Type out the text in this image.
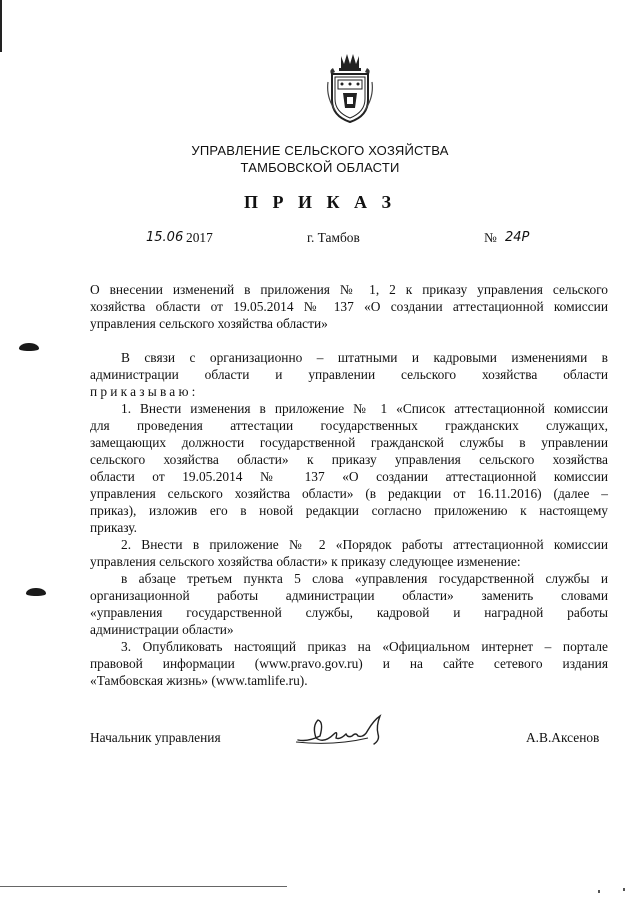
УПРАВЛЕНИЕ СЕЛЬСКОГО ХОЗЯЙСТВА
ТАМБОВСКОЙ ОБЛАСТИ
П Р И К А З
15.06 2017	г. Тамбов	№ 24Р
О внесении изменений в приложения № 1, 2 к приказу управления сельского
хозяйства области от 19.05.2014 № 137 «О создании аттестационной комиссии
управления сельского хозяйства области»
В связи с организационно – штатными и кадровыми изменениями в
администрации области и управлении сельского хозяйства области
приказываю:
1. Внести изменения в приложение № 1 «Список аттестационной комиссии
для проведения аттестации государственных гражданских служащих,
замещающих должности государственной гражданской службы в управлении
сельского хозяйства области» к приказу управления сельского хозяйства
области от 19.05.2014 № 137 «О создании аттестационной комиссии
управления сельского хозяйства области» (в редакции от 16.11.2016) (далее –
приказ), изложив его в новой редакции согласно приложению к настоящему
приказу.
2. Внести в приложение № 2 «Порядок работы аттестационной комиссии
управления сельского хозяйства области» к приказу следующее изменение:
в абзаце третьем пункта 5 слова «управления государственной службы и
организационной работы администрации области» заменить словами
«управления государственной службы, кадровой и наградной работы
администрации области»
3. Опубликовать настоящий приказ на «Официальном интернет – портале
правовой информации (www.pravo.gov.ru) и на сайте сетевого издания
«Тамбовская жизнь» (www.tamlife.ru).
Начальник управления	А.В.Аксенов
